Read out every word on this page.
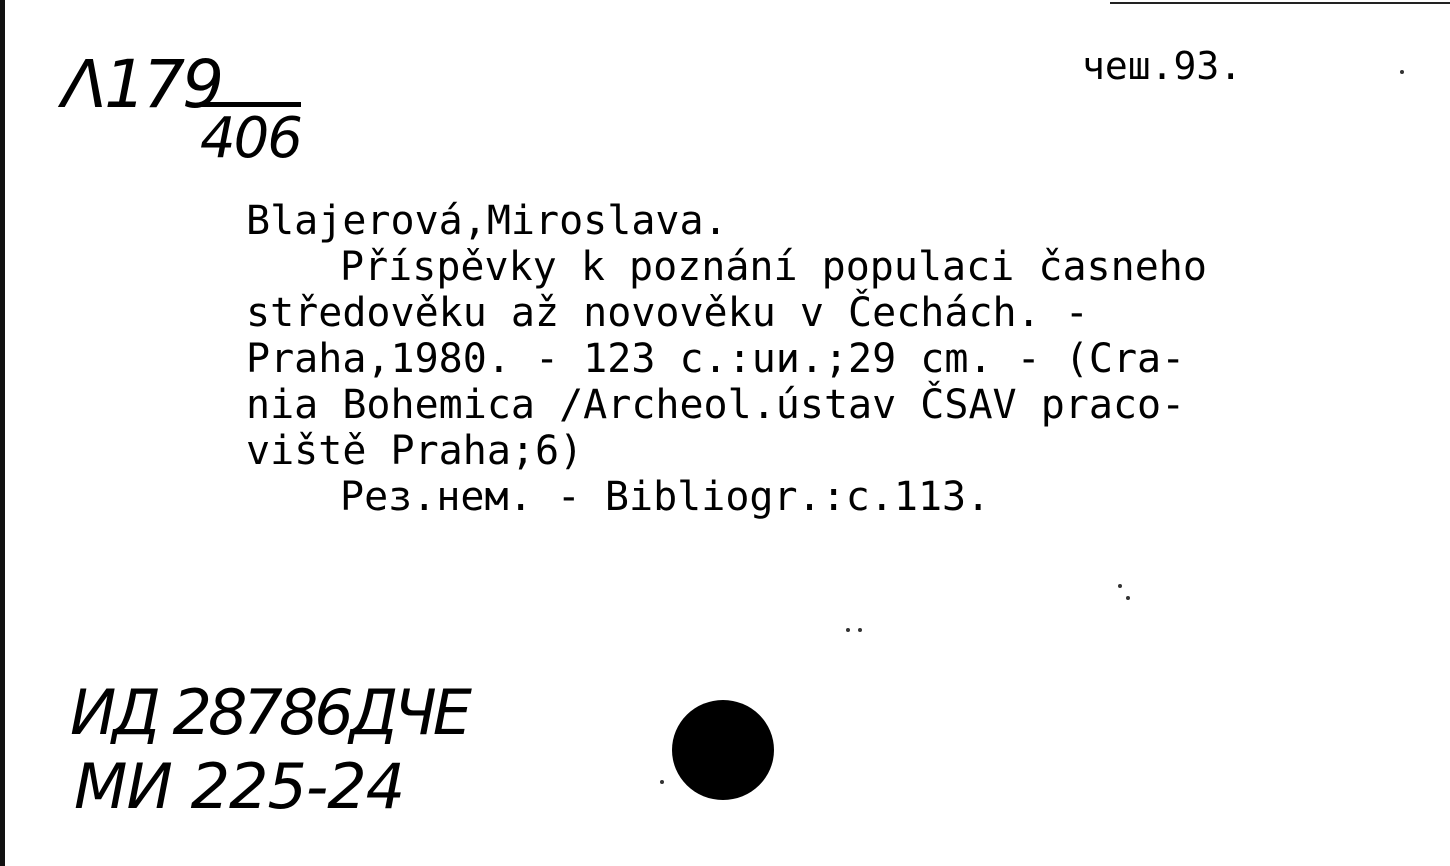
Λ179
406
чеш.93.
Blajerová,Miroslava.
Příspěvky k poznání populaci časneho
středověku až novověku v Čechách. -
Praha,1980. - 123 c.:uи.;29 cm. - (Cra-
nia Bohemica /Archeol.ústav ČSAV praco-
viště Praha;6)
Peз.нем. - Bibliogr.:c.113.
ИД 28786ДЧЕ
МИ 225-24
